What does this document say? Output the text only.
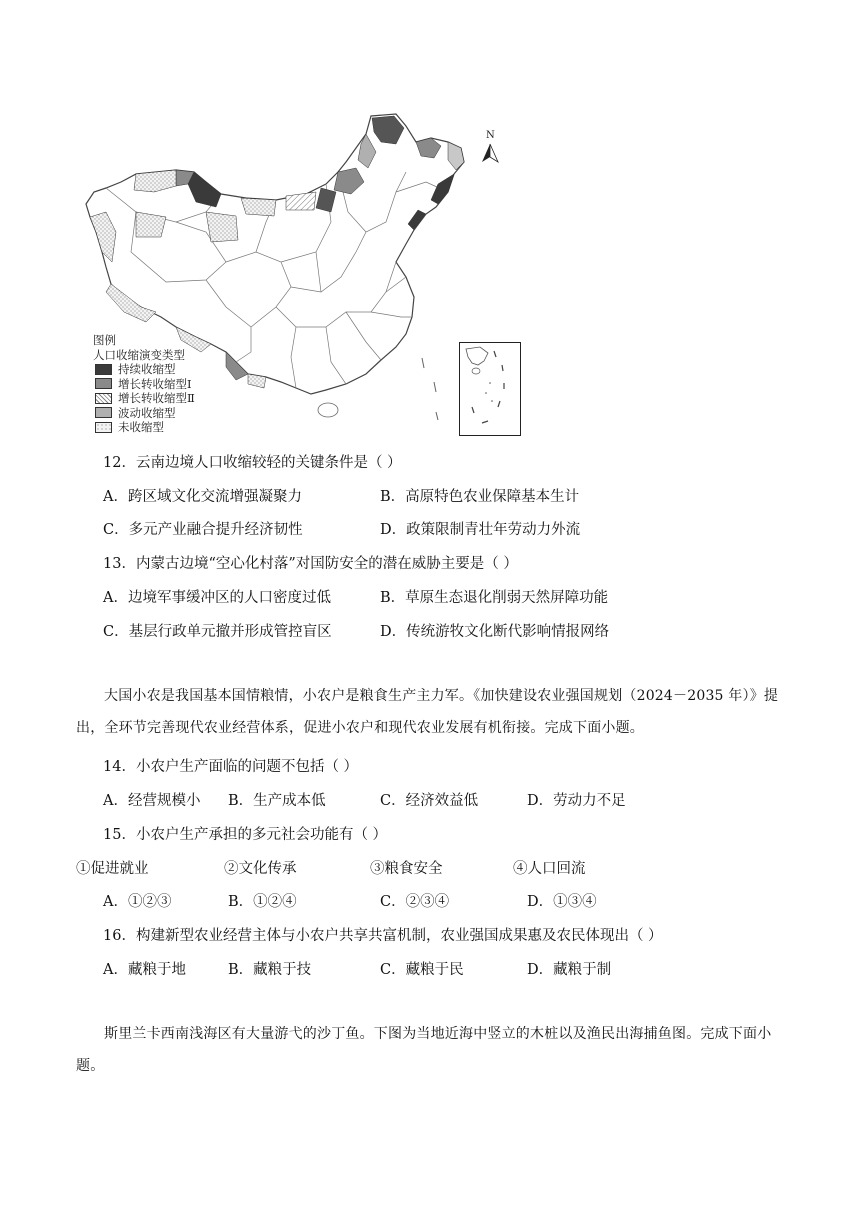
N
图例
人口收缩演变类型
持续收缩型
增长转收缩型Ⅰ
增长转收缩型Ⅱ
波动收缩型
未收缩型
12．云南边境人口收缩较轻的关键条件是（ ）
A．跨区域文化交流增强凝聚力	B．高原特色农业保障基本生计
C．多元产业融合提升经济韧性	D．政策限制青壮年劳动力外流
13．内蒙古边境“空心化村落”对国防安全的潜在威胁主要是（ ）
A．边境军事缓冲区的人口密度过低	B．草原生态退化削弱天然屏障功能
C．基层行政单元撤并形成管控盲区	D．传统游牧文化断代影响情报网络
大国小农是我国基本国情粮情，小农户是粮食生产主力军。《加快建设农业强国规划（2024－2035 年）》提出，全环节完善现代农业经营体系，促进小农户和现代农业发展有机衔接。完成下面小题。
14．小农户生产面临的问题不包括（ ）
A．经营规模小 B．生产成本低	C．经济效益低	D．劳动力不足
15．小农户生产承担的多元社会功能有（ ）
①促进就业	②文化传承	③粮食安全	④人口回流
A．①②③	B．①②④	C．②③④	D．①③④
16．构建新型农业经营主体与小农户共享共富机制，农业强国成果惠及农民体现出（ ）
A．藏粮于地	B．藏粮于技	C．藏粮于民	D．藏粮于制
斯里兰卡西南浅海区有大量游弋的沙丁鱼。下图为当地近海中竖立的木桩以及渔民出海捕鱼图。完成下面小题。
